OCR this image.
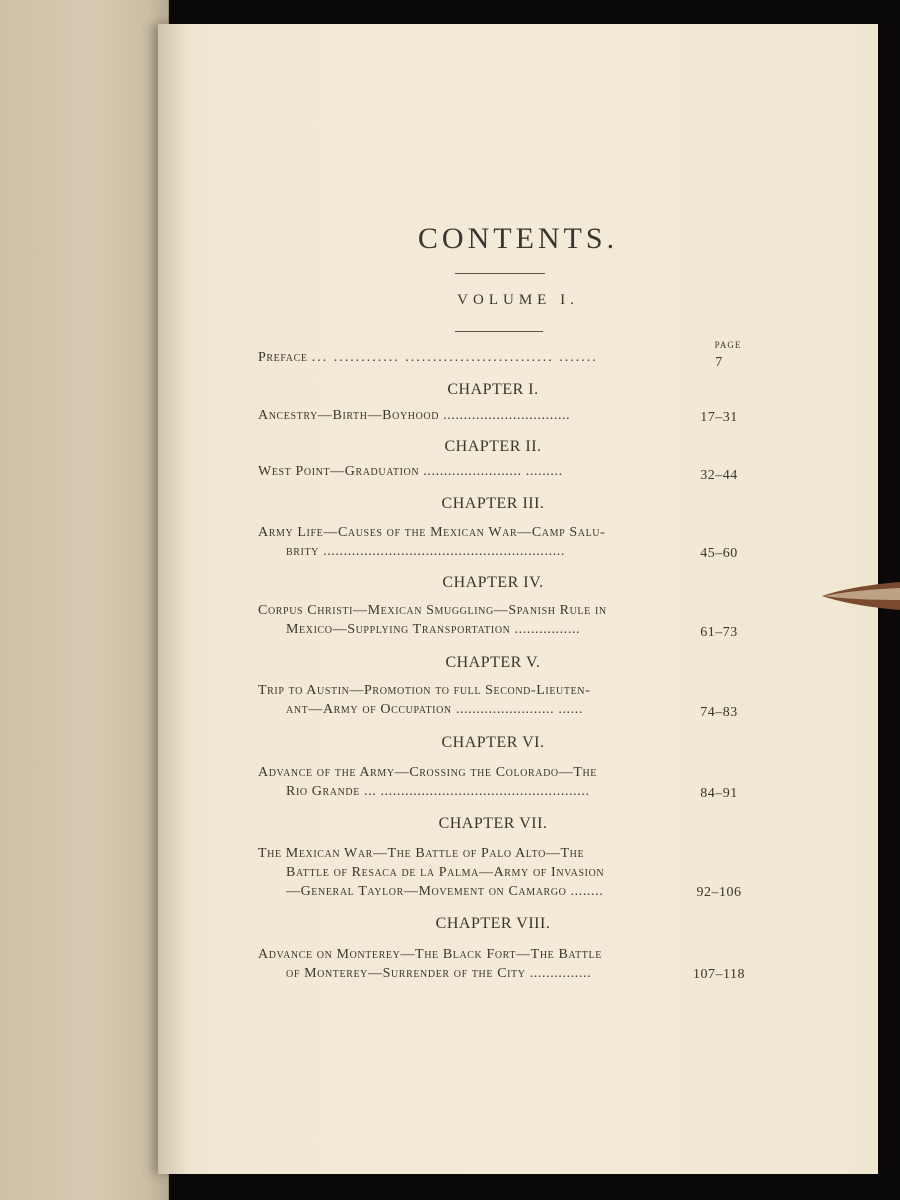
CONTENTS.
VOLUME I.
PAGE
Preface ... ............ ........................... .......	7
CHAPTER I.
Ancestry—Birth—Boyhood ...............................	17–31
CHAPTER II.
West Point—Graduation ........................ .........	32–44
CHAPTER III.
Army Life—Causes of the Mexican War—Camp Salu-
brity ...........................................................	45–60
CHAPTER IV.
Corpus Christi—Mexican Smuggling—Spanish Rule in
Mexico—Supplying Transportation ................	61–73
CHAPTER V.
Trip to Austin—Promotion to full Second-Lieuten-
ant—Army of Occupation ........................ ......	74–83
CHAPTER VI.
Advance of the Army—Crossing the Colorado—The
Rio Grande ... ...................................................	84–91
CHAPTER VII.
The Mexican War—The Battle of Palo Alto—The
Battle of Resaca de la Palma—Army of Invasion
—General Taylor—Movement on Camargo ........	92–106
CHAPTER VIII.
Advance on Monterey—The Black Fort—The Battle
of Monterey—Surrender of the City ...............	107–118
